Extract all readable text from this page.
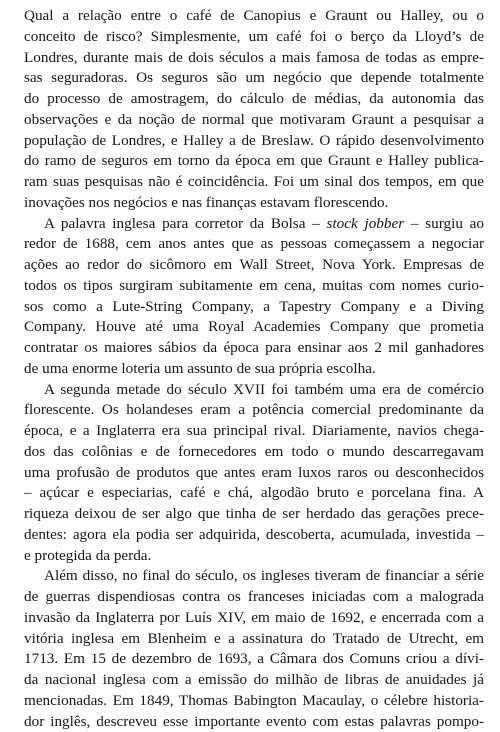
Qual a relação entre o café de Canopius e Graunt ou Halley, ou o
conceito de risco? Simplesmente, um café foi o berço da Lloyd’s de
Londres, durante mais de dois séculos a mais famosa de todas as empre-
sas seguradoras. Os seguros são um negócio que depende totalmente
do processo de amostragem, do cálculo de médias, da autonomia das
observações e da noção de normal que motivaram Graunt a pesquisar a
população de Londres, e Halley a de Breslaw. O rápido desenvolvimento
do ramo de seguros em torno da época em que Graunt e Halley publica-
ram suas pesquisas não é coincidência. Foi um sinal dos tempos, em que
inovações nos negócios e nas finanças estavam florescendo.

A palavra inglesa para corretor da Bolsa – stock jobber – surgiu ao
redor de 1688, cem anos antes que as pessoas começassem a negociar
ações ao redor do sicômoro em Wall Street, Nova York. Empresas de
todos os tipos surgiram subitamente em cena, muitas com nomes curio-
sos como a Lute-String Company, a Tapestry Company e a Diving
Company. Houve até uma Royal Academies Company que prometia
contratar os maiores sábios da época para ensinar aos 2 mil ganhadores
de uma enorme loteria um assunto de sua própria escolha.

A segunda metade do século XVII foi também uma era de comércio
florescente. Os holandeses eram a potência comercial predominante da
época, e a Inglaterra era sua principal rival. Diariamente, navios chega-
dos das colônias e de fornecedores em todo o mundo descarregavam
uma profusão de produtos que antes eram luxos raros ou desconhecidos
– açúcar e especiarias, café e chá, algodão bruto e porcelana fina. A
riqueza deixou de ser algo que tinha de ser herdado das gerações prece-
dentes: agora ela podia ser adquirida, descoberta, acumulada, investida –
e protegida da perda.

Além disso, no final do século, os ingleses tiveram de financiar a série
de guerras dispendiosas contra os franceses iniciadas com a malograda
invasão da Inglaterra por Luís XIV, em maio de 1692, e encerrada com a
vitória inglesa em Blenheim e a assinatura do Tratado de Utrecht, em
1713. Em 15 de dezembro de 1693, a Câmara dos Comuns criou a dívi-
da nacional inglesa com a emissão do milhão de libras de anuidades já
mencionadas. Em 1849, Thomas Babington Macaulay, o célebre historia-
dor inglês, descreveu esse importante evento com estas palavras pompo-
